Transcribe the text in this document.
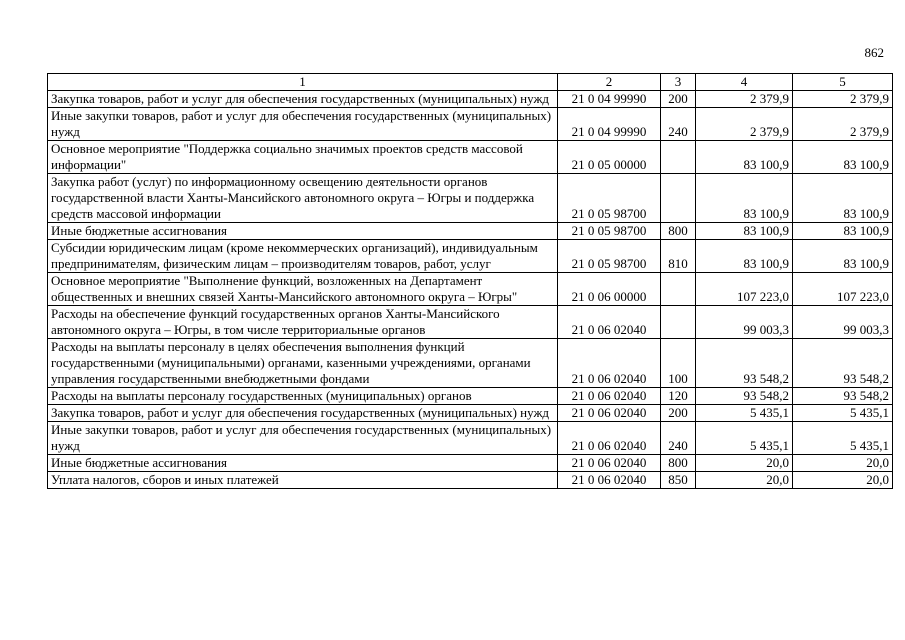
862
1	2	3	4	5
Закупка товаров, работ и услуг для обеспечения государственных (муниципальных) нужд	21 0 04 99990	200	2 379,9	2 379,9
Иные закупки товаров, работ и услуг для обеспечения государственных (муниципальных) нужд	21 0 04 99990	240	2 379,9	2 379,9
Основное мероприятие "Поддержка социально значимых проектов средств массовой информации"	21 0 05 00000		83 100,9	83 100,9
Закупка работ (услуг) по информационному освещению деятельности органов государственной власти Ханты-Мансийского автономного округа – Югры и поддержка средств массовой информации	21 0 05 98700		83 100,9	83 100,9
Иные бюджетные ассигнования	21 0 05 98700	800	83 100,9	83 100,9
Субсидии юридическим лицам (кроме некоммерческих организаций), индивидуальным предпринимателям, физическим лицам – производителям товаров, работ, услуг	21 0 05 98700	810	83 100,9	83 100,9
Основное мероприятие "Выполнение функций, возложенных на Департамент общественных и внешних связей Ханты-Мансийского автономного округа – Югры"	21 0 06 00000		107 223,0	107 223,0
Расходы на обеспечение функций государственных органов Ханты-Мансийского автономного округа – Югры, в том числе территориальные органов	21 0 06 02040		99 003,3	99 003,3
Расходы на выплаты персоналу в целях обеспечения выполнения функций государственными (муниципальными) органами, казенными учреждениями, органами управления государственными внебюджетными фондами	21 0 06 02040	100	93 548,2	93 548,2
Расходы на выплаты персоналу государственных (муниципальных) органов	21 0 06 02040	120	93 548,2	93 548,2
Закупка товаров, работ и услуг для обеспечения государственных (муниципальных) нужд	21 0 06 02040	200	5 435,1	5 435,1
Иные закупки товаров, работ и услуг для обеспечения государственных (муниципальных) нужд	21 0 06 02040	240	5 435,1	5 435,1
Иные бюджетные ассигнования	21 0 06 02040	800	20,0	20,0
Уплата налогов, сборов и иных платежей	21 0 06 02040	850	20,0	20,0
